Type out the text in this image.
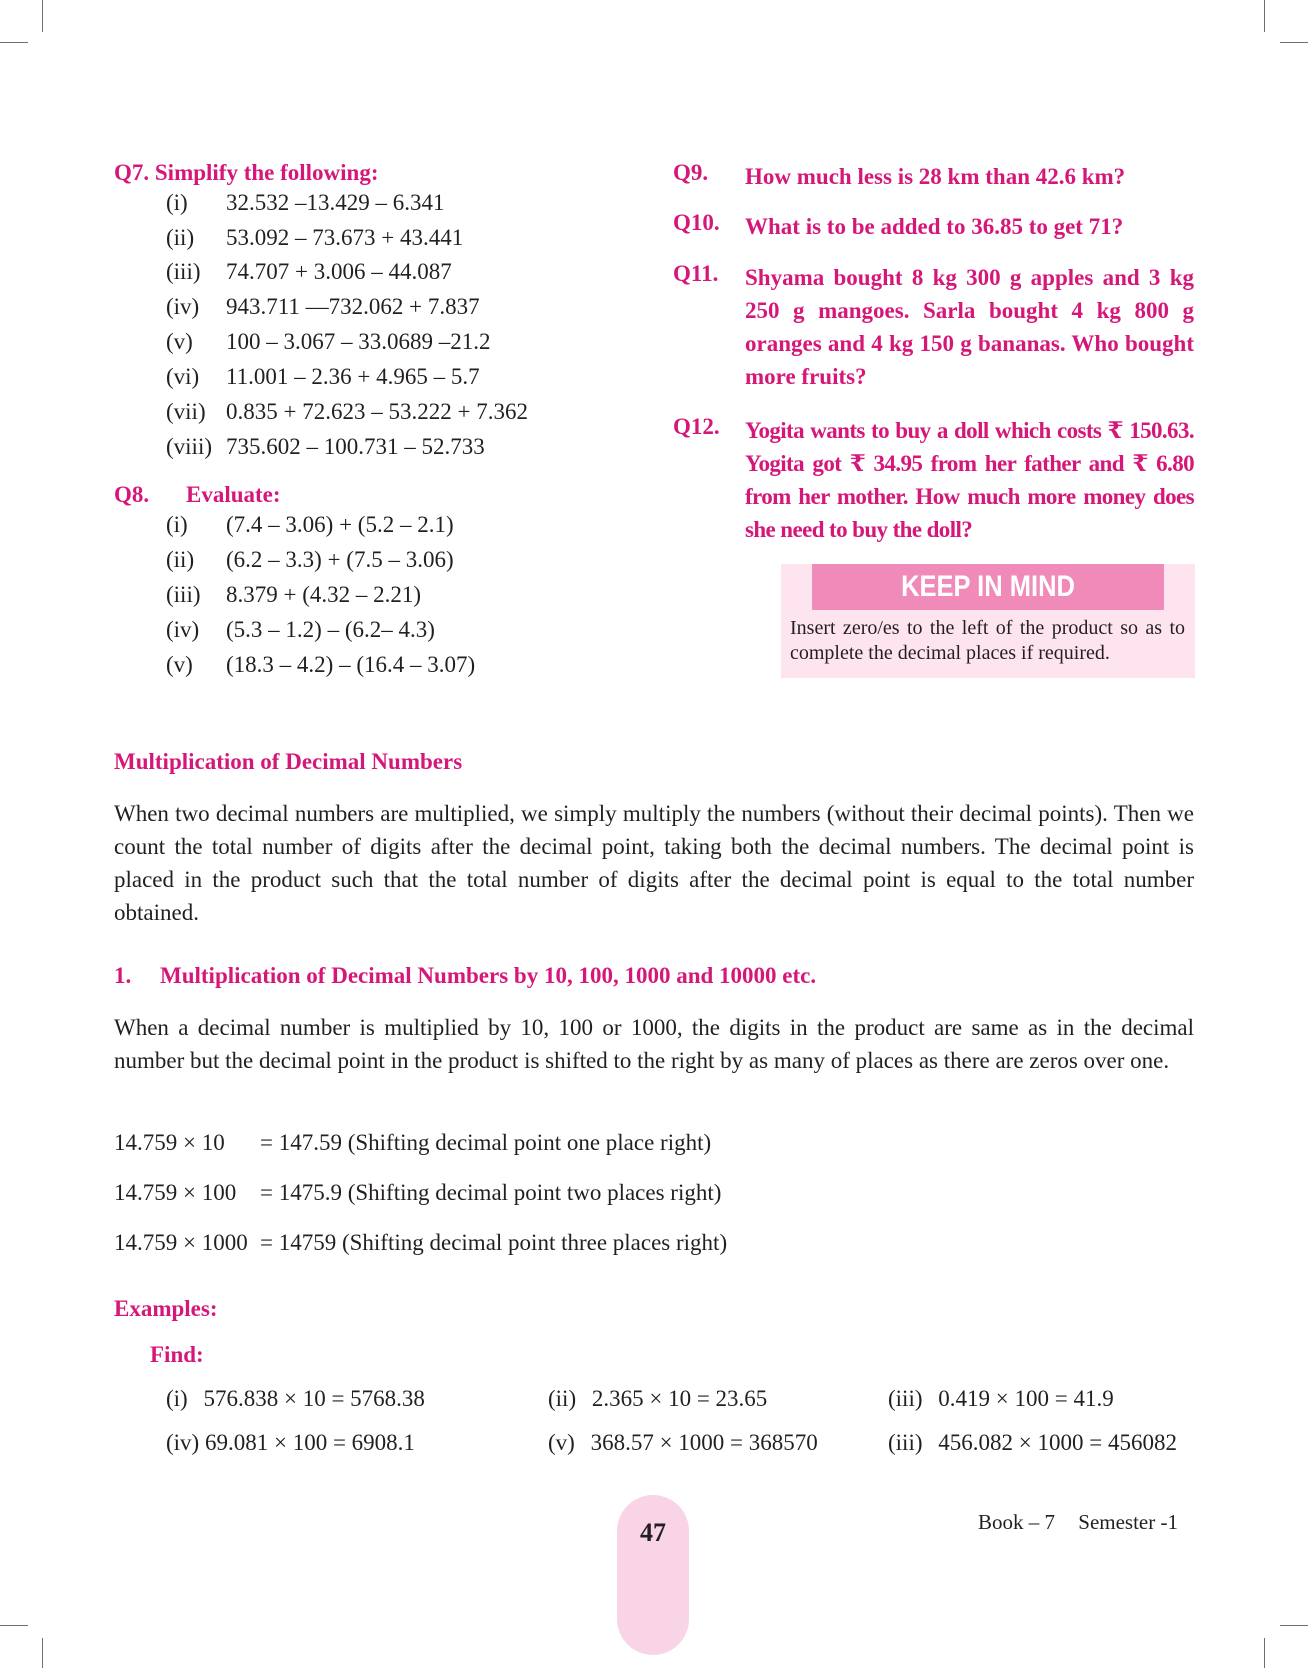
Q7. Simplify the following:
(i) 32.532 –13.429 – 6.341
(ii) 53.092 – 73.673 + 43.441
(iii) 74.707 + 3.006 – 44.087
(iv) 943.711 —732.062 + 7.837
(v) 100 – 3.067 – 33.0689 –21.2
(vi) 11.001 – 2.36 + 4.965 – 5.7
(vii) 0.835 + 72.623 – 53.222 + 7.362
(viii) 735.602 – 100.731 – 52.733
Q8. Evaluate:
(i) (7.4 – 3.06) + (5.2 – 2.1)
(ii) (6.2 – 3.3) + (7.5 – 3.06)
(iii) 8.379 + (4.32 – 2.21)
(iv) (5.3 – 1.2) – (6.2– 4.3)
(v) (18.3 – 4.2) – (16.4 – 3.07)
Q9. How much less is 28 km than 42.6 km?
Q10. What is to be added to 36.85 to get 71?
Q11. Shyama bought 8 kg 300 g apples and 3 kg 250 g mangoes. Sarla bought 4 kg 800 g oranges and 4 kg 150 g bananas. Who bought more fruits?
Q12. Yogita wants to buy a doll which costs ₹ 150.63. Yogita got ₹ 34.95 from her father and ₹ 6.80 from her mother. How much more money does she need to buy the doll?
KEEP IN MIND
Insert zero/es to the left of the product so as to complete the decimal places if required.
Multiplication of Decimal Numbers
When two decimal numbers are multiplied, we simply multiply the numbers (without their decimal points). Then we count the total number of digits after the decimal point, taking both the decimal numbers. The decimal point is placed in the product such that the total number of digits after the decimal point is equal to the total number obtained.
1. Multiplication of Decimal Numbers by 10, 100, 1000 and 10000 etc.
When a decimal number is multiplied by 10, 100 or 1000, the digits in the product are same as in the decimal number but the decimal point in the product is shifted to the right by as many of places as there are zeros over one.
14.759 × 10 = 147.59 (Shifting decimal point one place right)
14.759 × 100 = 1475.9 (Shifting decimal point two places right)
14.759 × 1000 = 14759 (Shifting decimal point three places right)
Examples:
Find:
(i) 576.838 × 10 = 5768.38	(ii) 2.365 × 10 = 23.65	(iii) 0.419 × 100 = 41.9
(iv) 69.081 × 100 = 6908.1	(v) 368.57 × 1000 = 368570	(iii) 456.082 × 1000 = 456082
47	Book – 7 Semester -1
